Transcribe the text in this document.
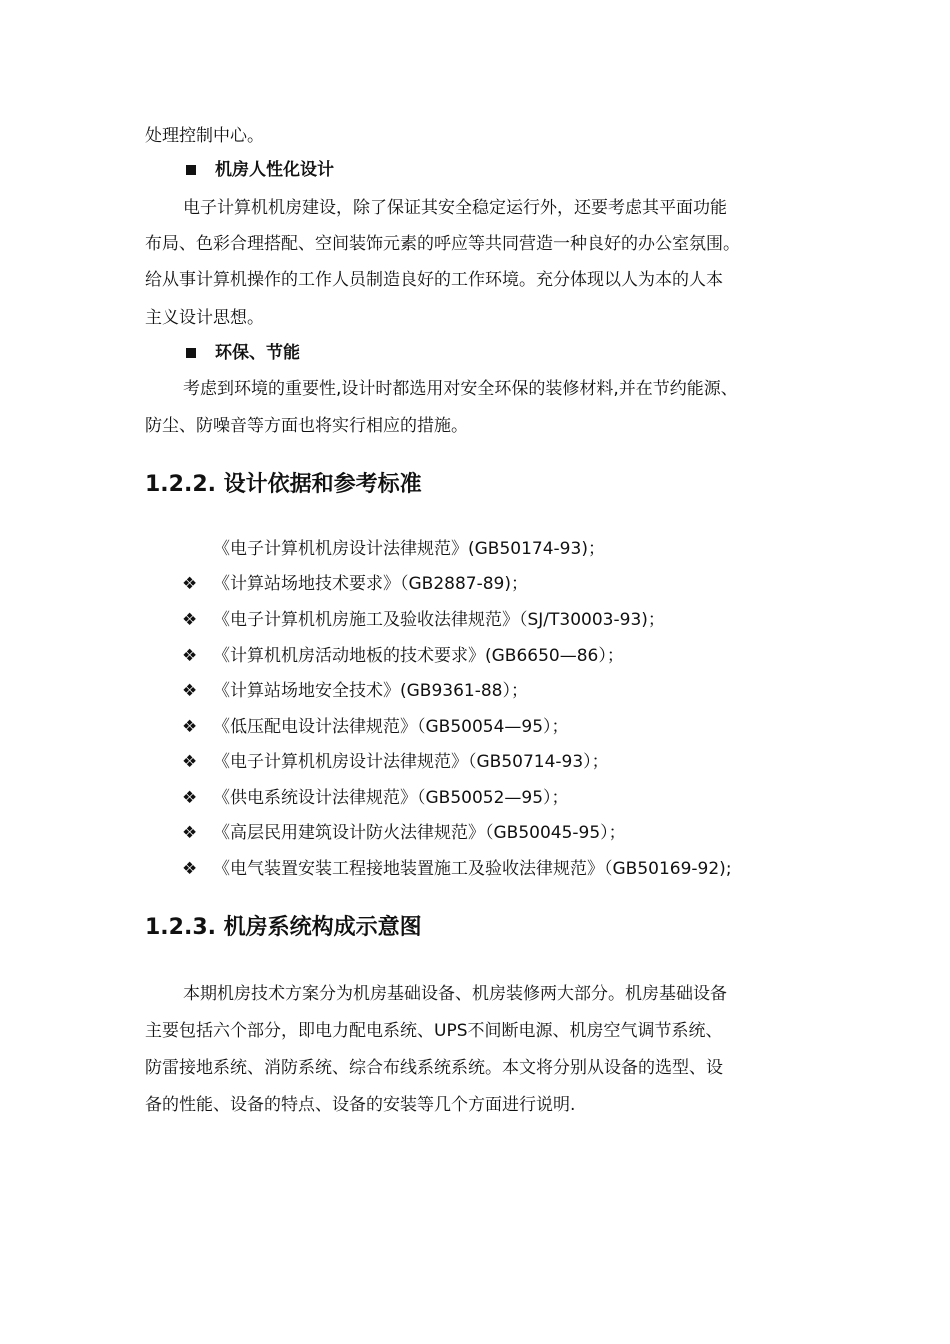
处理控制中心。
机房人性化设计
电子计算机机房建设，除了保证其安全稳定运行外，还要考虑其平面功能
布局、色彩合理搭配、空间装饰元素的呼应等共同营造一种良好的办公室氛围。
给从事计算机操作的工作人员制造良好的工作环境。充分体现以人为本的人本
主义设计思想。
环保、节能
考虑到环境的重要性,设计时都选用对安全环保的装修材料,并在节约能源、
防尘、防噪音等方面也将实行相应的措施。
1.2.2. 设计依据和参考标准
《电子计算机机房设计法律规范》(GB50174-93)；
❖ 《计算站场地技术要求》（GB2887-89)；
❖ 《电子计算机机房施工及验收法律规范》（SJ/T30003-93)；
❖ 《计算机机房活动地板的技术要求》(GB6650—86）；
❖ 《计算站场地安全技术》(GB9361-88）；
❖ 《低压配电设计法律规范》（GB50054—95）；
❖ 《电子计算机机房设计法律规范》（GB50714-93）；
❖ 《供电系统设计法律规范》（GB50052—95）；
❖ 《高层民用建筑设计防火法律规范》（GB50045-95）；
❖ 《电气装置安装工程接地装置施工及验收法律规范》（GB50169-92);
1.2.3. 机房系统构成示意图
本期机房技术方案分为机房基础设备、机房装修两大部分。机房基础设备
主要包括六个部分，即电力配电系统、UPS不间断电源、机房空气调节系统、
防雷接地系统、消防系统、综合布线系统系统。本文将分别从设备的选型、设
备的性能、设备的特点、设备的安装等几个方面进行说明.
